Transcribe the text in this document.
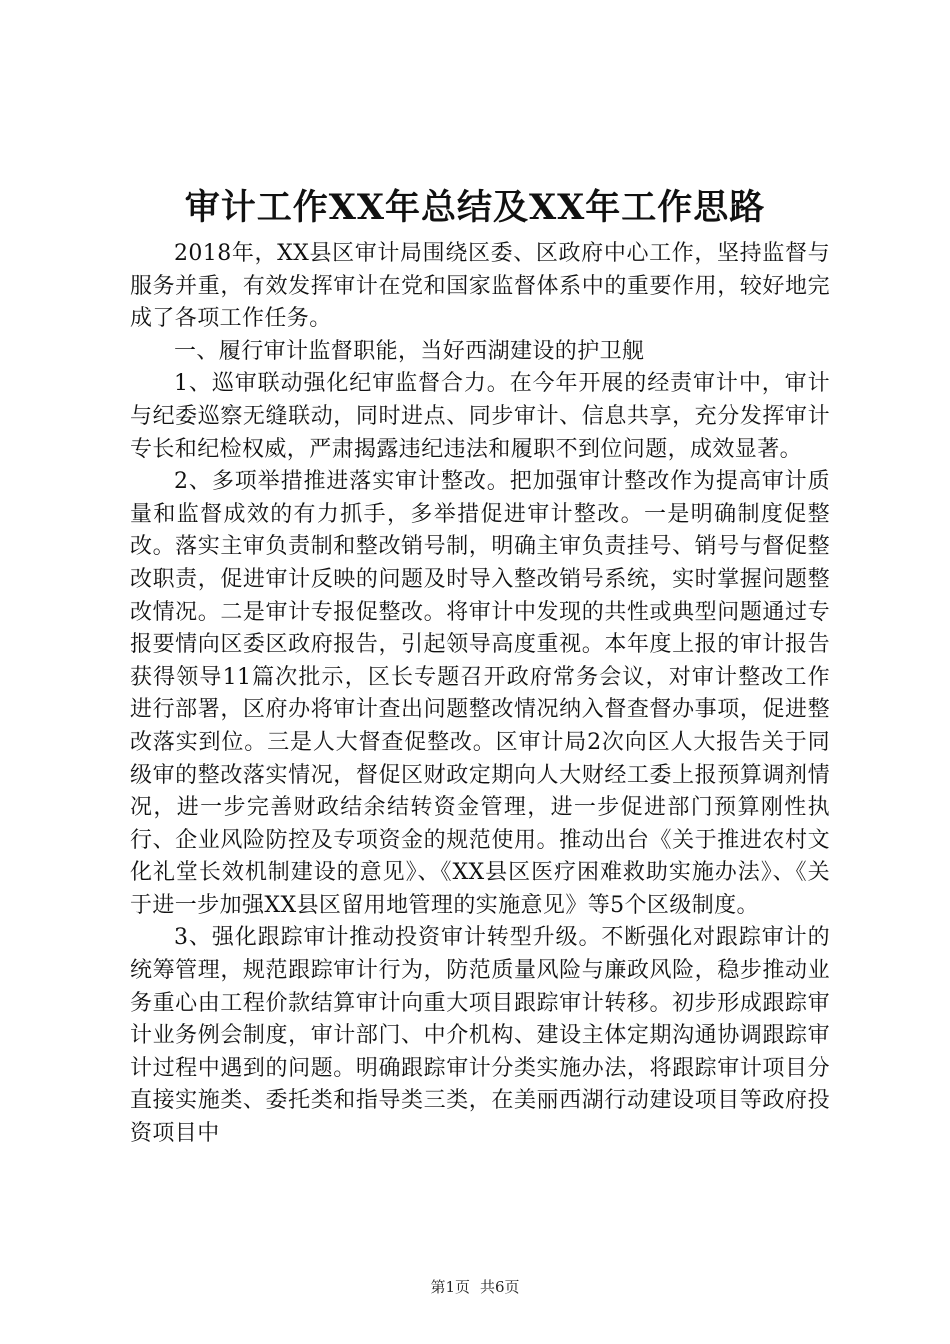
审计工作XX年总结及XX年工作思路

2018年，XX县区审计局围绕区委、区政府中心工作，坚持监督与服务并重，有效发挥审计在党和国家监督体系中的重要作用，较好地完成了各项工作任务。

一、履行审计监督职能，当好西湖建设的护卫舰

1、巡审联动强化纪审监督合力。在今年开展的经责审计中，审计与纪委巡察无缝联动，同时进点、同步审计、信息共享，充分发挥审计专长和纪检权威，严肃揭露违纪违法和履职不到位问题，成效显著。

2、多项举措推进落实审计整改。把加强审计整改作为提高审计质量和监督成效的有力抓手，多举措促进审计整改。一是明确制度促整改。落实主审负责制和整改销号制，明确主审负责挂号、销号与督促整改职责，促进审计反映的问题及时导入整改销号系统，实时掌握问题整改情况。二是审计专报促整改。将审计中发现的共性或典型问题通过专报要情向区委区政府报告，引起领导高度重视。本年度上报的审计报告获得领导11篇次批示，区长专题召开政府常务会议，对审计整改工作进行部署，区府办将审计查出问题整改情况纳入督查督办事项，促进整改落实到位。三是人大督查促整改。区审计局2次向区人大报告关于同级审的整改落实情况，督促区财政定期向人大财经工委上报预算调剂情况，进一步完善财政结余结转资金管理，进一步促进部门预算刚性执行、企业风险防控及专项资金的规范使用。推动出台《关于推进农村文化礼堂长效机制建设的意见》、《XX县区医疗困难救助实施办法》、《关于进一步加强XX县区留用地管理的实施意见》等5个区级制度。

3、强化跟踪审计推动投资审计转型升级。不断强化对跟踪审计的统筹管理，规范跟踪审计行为，防范质量风险与廉政风险，稳步推动业务重心由工程价款结算审计向重大项目跟踪审计转移。初步形成跟踪审计业务例会制度，审计部门、中介机构、建设主体定期沟通协调跟踪审计过程中遇到的问题。明确跟踪审计分类实施办法，将跟踪审计项目分直接实施类、委托类和指导类三类，在美丽西湖行动建设项目等政府投资项目中

第1页 共6页
